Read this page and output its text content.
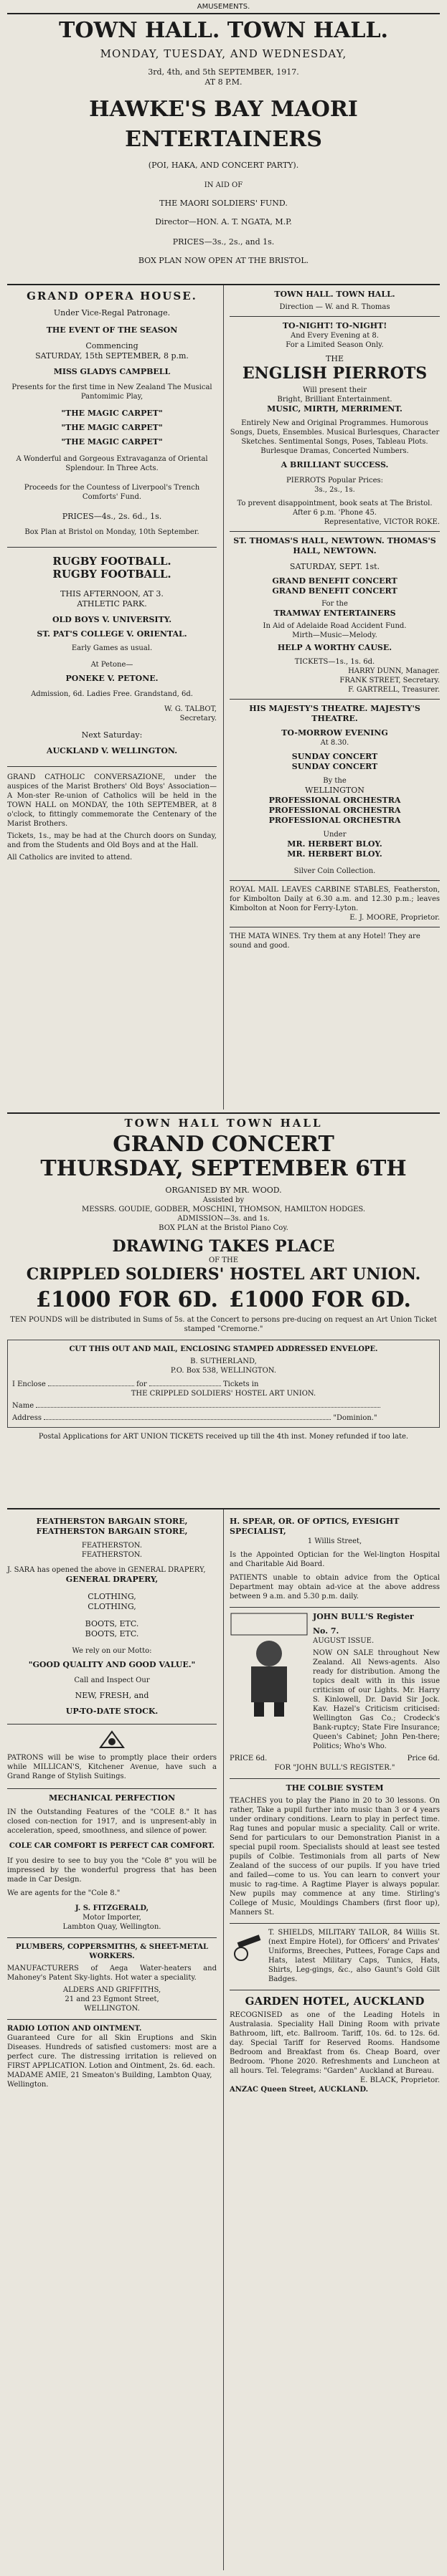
AMUSEMENTS.
TOWN HALL. TOWN HALL.
MONDAY, TUESDAY, AND WEDNESDAY,
3rd, 4th, and 5th SEPTEMBER, 1917.
AT 8 P.M.
HAWKE'S BAY MAORI
ENTERTAINERS
(POI, HAKA, AND CONCERT PARTY).
IN AID OF
THE MAORI SOLDIERS' FUND.
Director—HON. A. T. NGATA, M.P.
PRICES—3s., 2s., and 1s.
BOX PLAN NOW OPEN AT THE BRISTOL.
GRAND OPERA HOUSE.
Under Vice-Regal Patronage.
THE EVENT OF THE SEASON
Commencing
SATURDAY, 15th SEPTEMBER, 8 p.m.
MISS GLADYS CAMPBELL
Presents for the first time in New Zealand The Musical Pantomimic Play,
"THE MAGIC CARPET"
"THE MAGIC CARPET"
"THE MAGIC CARPET"
A Wonderful and Gorgeous Extravaganza of Oriental Splendour. In Three Acts.
Proceeds for the Countess of Liverpool's Trench Comforts' Fund.
PRICES—4s., 2s. 6d., 1s.
Box Plan at Bristol on Monday, 10th September.
RUGBY FOOTBALL.
RUGBY FOOTBALL.
THIS AFTERNOON, AT 3.
ATHLETIC PARK.
OLD BOYS V. UNIVERSITY.
ST. PAT'S COLLEGE V. ORIENTAL.
Early Games as usual.
At Petone—
PONEKE V. PETONE.
Admission, 6d. Ladies Free. Grandstand, 6d.
W. G. TALBOT,
Secretary.
Next Saturday:
AUCKLAND V. WELLINGTON.
GRAND CATHOLIC CONVERSAZIONE, under the auspices of the Marist Brothers' Old Boys' Association—A Mon-ster Re-union of Catholics will be held in the TOWN HALL on MONDAY, the 10th SEPTEMBER, at 8 o'clock, to fittingly commemorate the Centenary of the Marist Brothers.
Tickets, 1s., may be had at the Church doors on Sunday, and from the Students and Old Boys and at the Hall.
All Catholics are invited to attend.
TOWN HALL. TOWN HALL.
Direction — W. and R. Thomas
TO-NIGHT! TO-NIGHT!
And Every Evening at 8.
For a Limited Season Only.
THE
ENGLISH PIERROTS
Will present their
Bright, Brilliant Entertainment.
MUSIC, MIRTH, MERRIMENT.
Entirely New and Original Programmes. Humorous Songs, Duets, Ensembles. Musical Burlesques, Character Sketches. Sentimental Songs, Poses, Tableau Plots. Burlesque Dramas, Concerted Numbers.
A BRILLIANT SUCCESS.
PIERROTS Popular Prices:
3s., 2s., 1s.
To prevent disappointment, book seats at The Bristol. After 6 p.m. 'Phone 45.
Representative, VICTOR ROKE.
ST. THOMAS'S HALL, NEWTOWN. THOMAS'S HALL, NEWTOWN.
SATURDAY, SEPT. 1st.
GRAND BENEFIT CONCERT
GRAND BENEFIT CONCERT
For the
TRAMWAY ENTERTAINERS
In Aid of Adelaide Road Accident Fund.
Mirth—Music—Melody.
HELP A WORTHY CAUSE.
TICKETS—1s., 1s. 6d.
HARRY DUNN, Manager.
FRANK STREET, Secretary.
F. GARTRELL, Treasurer.
HIS MAJESTY'S THEATRE. MAJESTY'S THEATRE.
TO-MORROW EVENING
At 8.30.
SUNDAY CONCERT
SUNDAY CONCERT
By the
WELLINGTON
PROFESSIONAL ORCHESTRA
PROFESSIONAL ORCHESTRA
PROFESSIONAL ORCHESTRA
Under
MR. HERBERT BLOY.
MR. HERBERT BLOY.
Silver Coin Collection.
ROYAL MAIL LEAVES CARBINE STABLES, Featherston, for Kimbolton Daily at 6.30 a.m. and 12.30 p.m.; leaves Kimbolton at Noon for Ferry-Lyton.
E. J. MOORE, Proprietor.
THE MATA WINES. Try them at any Hotel! They are sound and good.
TOWN HALL TOWN HALL
GRAND CONCERT
THURSDAY, SEPTEMBER 6TH
ORGANISED BY MR. WOOD.
Assisted by
MESSRS. GOUDIE, GODBER, MOSCHINI, THOMSON, HAMILTON HODGES.
ADMISSION—3s. and 1s.
BOX PLAN at the Bristol Piano Coy.
DRAWING TAKES PLACE
OF THE
CRIPPLED SOLDIERS' HOSTEL ART UNION.
£1000 FOR 6D. £1000 FOR 6D.
TEN POUNDS will be distributed in Sums of 5s. at the Concert to persons pre-ducing on request an Art Union Ticket stamped "Cremorne."
CUT THIS OUT AND MAIL, ENCLOSING STAMPED ADDRESSED ENVELOPE.
B. SUTHERLAND,
P.O. Box 538, WELLINGTON.
I Enclose	for	Tickets in
THE CRIPPLED SOLDIERS' HOSTEL ART UNION.
Name
Address	"Dominion."
Postal Applications for ART UNION TICKETS received up till the 4th inst. Money refunded if too late.
FEATHERSTON BARGAIN STORE,
FEATHERSTON BARGAIN STORE,
FEATHERSTON.
FEATHERSTON.
J. SARA has opened the above in GENERAL DRAPERY,
GENERAL DRAPERY,
CLOTHING,
CLOTHING,
BOOTS, ETC.
BOOTS, ETC.
We rely on our Motto:
"GOOD QUALITY AND GOOD VALUE."
Call and Inspect Our
NEW, FRESH, and
UP-TO-DATE STOCK.
PATRONS will be wise to promptly place their orders while MILLICAN'S, Kitchener Avenue, have such a Grand Range of Stylish Suitings.
MECHANICAL PERFECTION
IN the Outstanding Features of the "COLE 8." It has closed con-nection for 1917, and is unpresent-ably in acceleration, speed, smoothness, and silence of power.
COLE CAR COMFORT IS PERFECT CAR COMFORT.
If you desire to see to buy you the "Cole 8" you will be impressed by the wonderful progress that has been made in Car Design.
We are agents for the "Cole 8."
J. S. FITZGERALD,
Motor Importer,
Lambton Quay, Wellington.
PLUMBERS, COPPERSMITHS, & SHEET-METAL WORKERS.
MANUFACTURERS of Aega Water-heaters and Mahoney's Patent Sky-lights. Hot water a speciality.
ALDERS AND GRIFFITHS,
21 and 23 Egmont Street,
WELLINGTON.
RADIO LOTION AND OINTMENT.
Guaranteed Cure for all Skin Eruptions and Skin Diseases. Hundreds of satisfied customers: most are a perfect cure. The distressing irritation is relieved on FIRST APPLICATION. Lotion and Ointment, 2s. 6d. each.
MADAME AMIE, 21 Smeaton's Building, Lambton Quay, Wellington.
H. SPEAR, OR. OF OPTICS, EYESIGHT SPECIALIST,
1 Willis Street,
Is the Appointed Optician for the Wel-lington Hospital and Charitable Aid Board.
PATIENTS unable to obtain advice from the Optical Department may obtain ad-vice at the above address between 9 a.m. and 5.30 p.m. daily.
JOHN BULL'S Register
No. 7.
AUGUST ISSUE.
NOW ON SALE throughout New Zealand. All News-agents. Also ready for distribution. Among the topics dealt with in this issue criticism of our Lights. Mr. Harry S. Kinlowell, Dr. David Sir Jock. Kav. Hazel's Criticism criticised: Wellington Gas Co.; Crodeck's Bank-ruptcy; State Fire Insurance; Queen's Cabinet; John Pen-there; Politics; Who's Who.
PRICE 6d.	Price 6d.
FOR "JOHN BULL'S REGISTER."
THE COLBIE SYSTEM
TEACHES you to play the Piano in 20 to 30 lessons. On rather, Take a pupil further into music than 3 or 4 years under ordinary conditions. Learn to play in perfect time. Rag tunes and popular music a speciality. Call or write. Send for particulars to our Demonstration Pianist in a special pupil room. Specialists should at least see tested pupils of Colbie. Testimonials from all parts of New Zealand of the success of our pupils. If you have tried and failed—come to us. You can learn to convert your music to rag-time. A Ragtime Player is always popular. New pupils may commence at any time. Stirling's College of Music, Mouldings Chambers (first floor up), Manners St.
T. SHIELDS, MILITARY TAILOR, 84 Willis St. (next Empire Hotel), for Officers' and Privates' Uniforms, Breeches, Puttees, Forage Caps and Hats, latest Military Caps, Tunics, Hats, Shirts, Leg-gings, &c., also Gaunt's Gold Gilt Badges.
GARDEN HOTEL, AUCKLAND
RECOGNISED as one of the Leading Hotels in Australasia. Speciality Hall Dining Room with private Bathroom, lift, etc. Ballroom. Tariff, 10s. 6d. to 12s. 6d. day. Special Tariff for Reserved Rooms. Handsome Bedroom and Breakfast from 6s. Cheap Board, over Bedroom. 'Phone 2020. Refreshments and Luncheon at all hours. Tel. Telegrams: "Garden" Auckland at Bureau.
E. BLACK, Proprietor.
ANZAC Queen Street, AUCKLAND.
